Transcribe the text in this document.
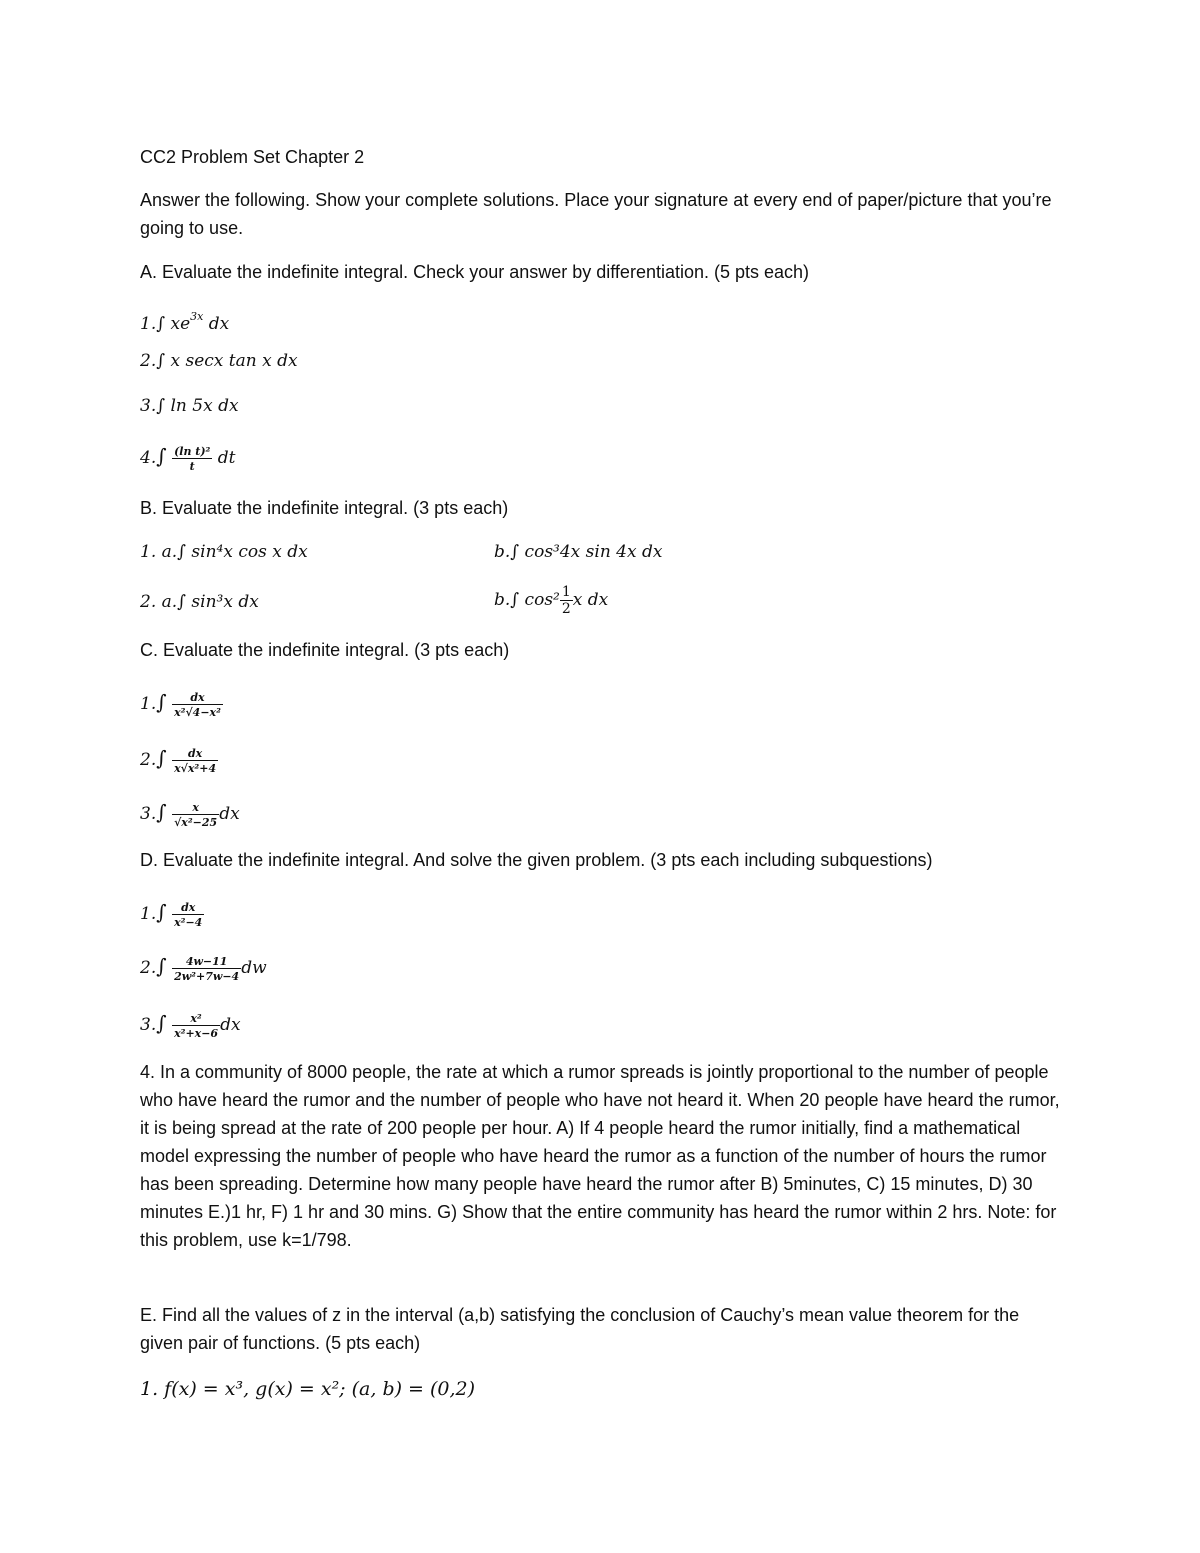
CC2 Problem Set Chapter 2
Answer the following. Show your complete solutions. Place your signature at every end of paper/picture that you’re going to use.
A. Evaluate the indefinite integral. Check your answer by differentiation. (5 pts each)
1.∫ $xe^{3x}$ dx
2.∫ x secx tan x dx
3.∫ ln 5x dx
$4.\int \frac{\text{(ln t)²}}{t}$ dt
B. Evaluate the indefinite integral. (3 pts each)
1. a.∫ sin⁴x cos x dx	b.∫ cos³4x sin 4x dx
2. a.∫ sin³x dx	b.∫ $\cos^2 \frac{1}{2}$ x dx
C. Evaluate the indefinite integral. (3 pts each)
$1.\int \frac{dx}{\text{x²√4−x²}}$
$2.\int \frac{dx}{\text{x√x²+4}}$
$3.\int \frac{x}{\text{√x²−25}}$ dx
D. Evaluate the indefinite integral. And solve the given problem. (3 pts each including subquestions)
$1.\int \frac{dx}{\text{x²−4}}$
$2.\int \frac{4w-11}{\text{2w²+7w−4}}$ dw
$3.\int \frac{\text{x²}}{\text{x²+x−6}}$ dx
4. In a community of 8000 people, the rate at which a rumor spreads is jointly proportional to the number of people who have heard the rumor and the number of people who have not heard it. When 20 people have heard the rumor, it is being spread at the rate of 200 people per hour. A) If 4 people heard the rumor initially, find a mathematical model expressing the number of people who have heard the rumor as a function of the number of hours the rumor has been spreading. Determine how many people have heard the rumor after B) 5minutes, C) 15 minutes, D) 30 minutes E.)1 hr, F) 1 hr and 30 mins. G) Show that the entire community has heard the rumor within 2 hrs. Note: for this problem, use k=1/798.
E. Find all the values of z in the interval (a,b) satisfying the conclusion of Cauchy’s mean value theorem for the given pair of functions. (5 pts each)
1. f(x) = x³, g(x) = x²; (a, b) = (0,2)
